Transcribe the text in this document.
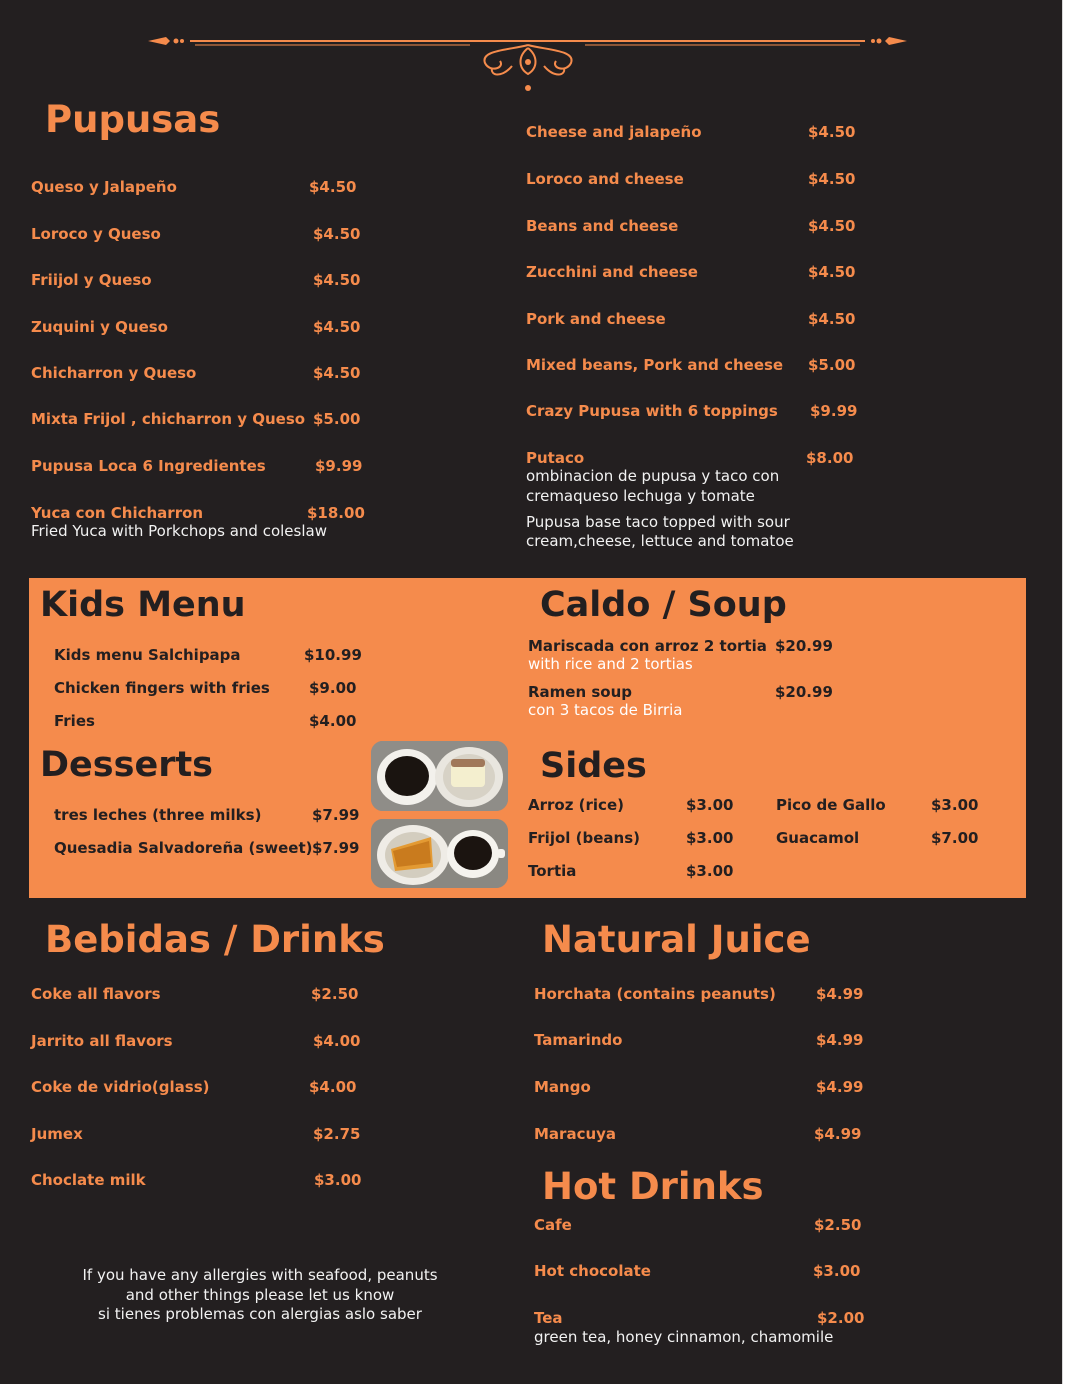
Pupusas
Queso y Jalapeño	$4.50
Loroco y Queso	$4.50
Friijol y Queso	$4.50
Zuquini y Queso	$4.50
Chicharron y Queso	$4.50
Mixta Frijol , chicharron y Queso $5.00
Pupusa Loca 6 Ingredientes	$9.99
Yuca con Chicharron	$18.00
Fried Yuca with Porkchops and coleslaw
Cheese and jalapeño	$4.50
Loroco and cheese	$4.50
Beans and cheese	$4.50
Zucchini and cheese	$4.50
Pork and cheese	$4.50
Mixed beans, Pork and cheese $5.00
Crazy Pupusa with 6 toppings $9.99
Putaco	$8.00
ombinacion de pupusa y taco con
cremaqueso lechuga y tomate
Pupusa base taco topped with sour
cream,cheese, lettuce and tomatoe
Kids Menu
Kids menu Salchipapa	$10.99
Chicken fingers with fries	$9.00
Fries	$4.00
Desserts
tres leches (three milks)	$7.99
Quesadia Salvadoreña (sweet) $7.99
Caldo / Soup
Mariscada con arroz 2 tortia $20.99
with rice and 2 tortias
Ramen soup	$20.99
con 3 tacos de Birria
Sides
Arroz (rice)	$3.00
Frijol (beans)	$3.00
Tortia	$3.00
Pico de Gallo	$3.00
Guacamol	$7.00
Bebidas / Drinks
Coke all flavors	$2.50
Jarrito all flavors	$4.00
Coke de vidrio(glass)	$4.00
Jumex	$2.75
Choclate milk	$3.00
Natural Juice
Horchata (contains peanuts)	$4.99
Tamarindo	$4.99
Mango	$4.99
Maracuya	$4.99
Hot Drinks
Cafe	$2.50
Hot chocolate	$3.00
Tea	$2.00
green tea, honey cinnamon, chamomile
If you have any allergies with seafood, peanuts
and other things please let us know
si tienes problemas con alergias aslo saber
